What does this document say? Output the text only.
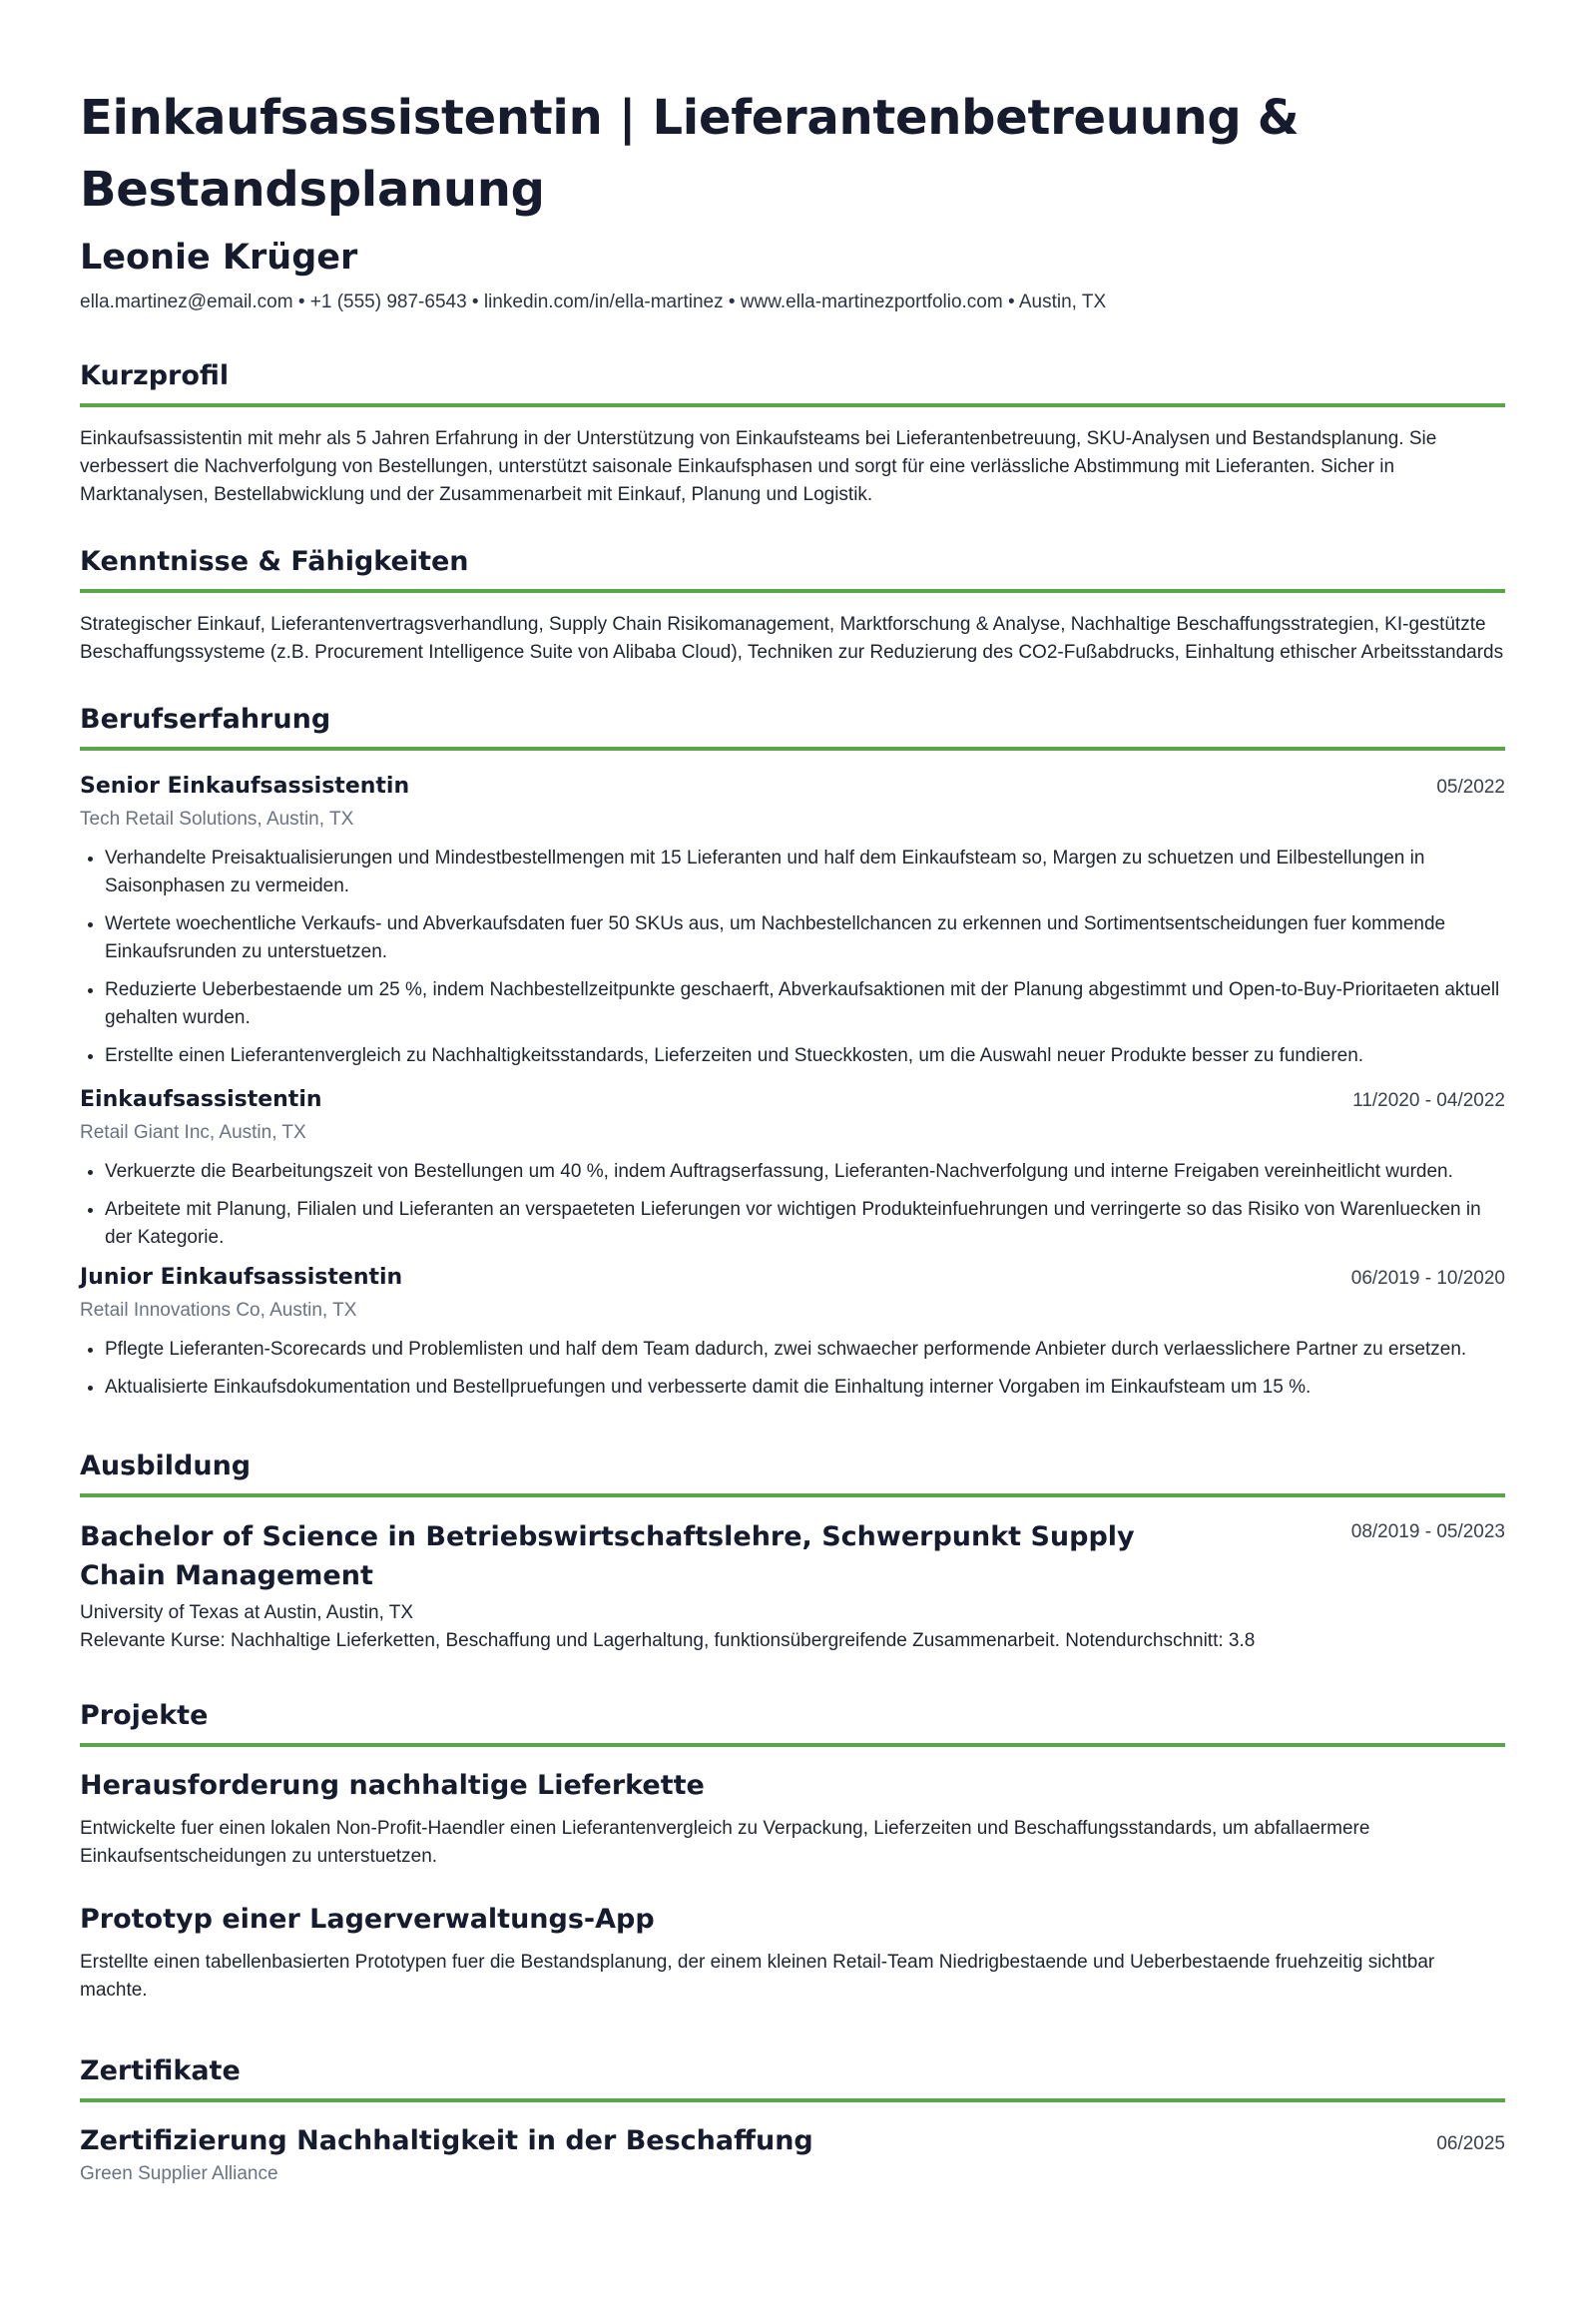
Einkaufsassistentin | Lieferantenbetreuung & Bestandsplanung
Leonie Krüger
ella.martinez@email.com • +1 (555) 987-6543 • linkedin.com/in/ella-martinez • www.ella-martinezportfolio.com • Austin, TX
Kurzprofil
Einkaufsassistentin mit mehr als 5 Jahren Erfahrung in der Unterstützung von Einkaufsteams bei Lieferantenbetreuung, SKU-Analysen und Bestandsplanung. Sie verbessert die Nachverfolgung von Bestellungen, unterstützt saisonale Einkaufsphasen und sorgt für eine verlässliche Abstimmung mit Lieferanten. Sicher in Marktanalysen, Bestellabwicklung und der Zusammenarbeit mit Einkauf, Planung und Logistik.
Kenntnisse & Fähigkeiten
Strategischer Einkauf, Lieferantenvertragsverhandlung, Supply Chain Risikomanagement, Marktforschung & Analyse, Nachhaltige Beschaffungsstrategien, KI-gestützte Beschaffungssysteme (z.B. Procurement Intelligence Suite von Alibaba Cloud), Techniken zur Reduzierung des CO2-Fußabdrucks, Einhaltung ethischer Arbeitsstandards
Berufserfahrung
Senior Einkaufsassistentin	05/2022
Tech Retail Solutions, Austin, TX
• Verhandelte Preisaktualisierungen und Mindestbestellmengen mit 15 Lieferanten und half dem Einkaufsteam so, Margen zu schuetzen und Eilbestellungen in Saisonphasen zu vermeiden.
• Wertete woechentliche Verkaufs- und Abverkaufsdaten fuer 50 SKUs aus, um Nachbestellchancen zu erkennen und Sortimentsentscheidungen fuer kommende Einkaufsrunden zu unterstuetzen.
• Reduzierte Ueberbestaende um 25 %, indem Nachbestellzeitpunkte geschaerft, Abverkaufsaktionen mit der Planung abgestimmt und Open-to-Buy-Prioritaeten aktuell gehalten wurden.
• Erstellte einen Lieferantenvergleich zu Nachhaltigkeitsstandards, Lieferzeiten und Stueckkosten, um die Auswahl neuer Produkte besser zu fundieren.
Einkaufsassistentin	11/2020 - 04/2022
Retail Giant Inc, Austin, TX
• Verkuerzte die Bearbeitungszeit von Bestellungen um 40 %, indem Auftragserfassung, Lieferanten-Nachverfolgung und interne Freigaben vereinheitlicht wurden.
• Arbeitete mit Planung, Filialen und Lieferanten an verspaeteten Lieferungen vor wichtigen Produkteinfuehrungen und verringerte so das Risiko von Warenluecken in der Kategorie.
Junior Einkaufsassistentin	06/2019 - 10/2020
Retail Innovations Co, Austin, TX
• Pflegte Lieferanten-Scorecards und Problemlisten und half dem Team dadurch, zwei schwaecher performende Anbieter durch verlaesslichere Partner zu ersetzen.
• Aktualisierte Einkaufsdokumentation und Bestellpruefungen und verbesserte damit die Einhaltung interner Vorgaben im Einkaufsteam um 15 %.
Ausbildung
Bachelor of Science in Betriebswirtschaftslehre, Schwerpunkt Supply Chain Management
08/2019 - 05/2023
University of Texas at Austin, Austin, TX
Relevante Kurse: Nachhaltige Lieferketten, Beschaffung und Lagerhaltung, funktionsübergreifende Zusammenarbeit. Notendurchschnitt: 3.8
Projekte
Herausforderung nachhaltige Lieferkette
Entwickelte fuer einen lokalen Non-Profit-Haendler einen Lieferantenvergleich zu Verpackung, Lieferzeiten und Beschaffungsstandards, um abfallaermere Einkaufsentscheidungen zu unterstuetzen.
Prototyp einer Lagerverwaltungs-App
Erstellte einen tabellenbasierten Prototypen fuer die Bestandsplanung, der einem kleinen Retail-Team Niedrigbestaende und Ueberbestaende fruehzeitig sichtbar machte.
Zertifikate
Zertifizierung Nachhaltigkeit in der Beschaffung	06/2025
Green Supplier Alliance
